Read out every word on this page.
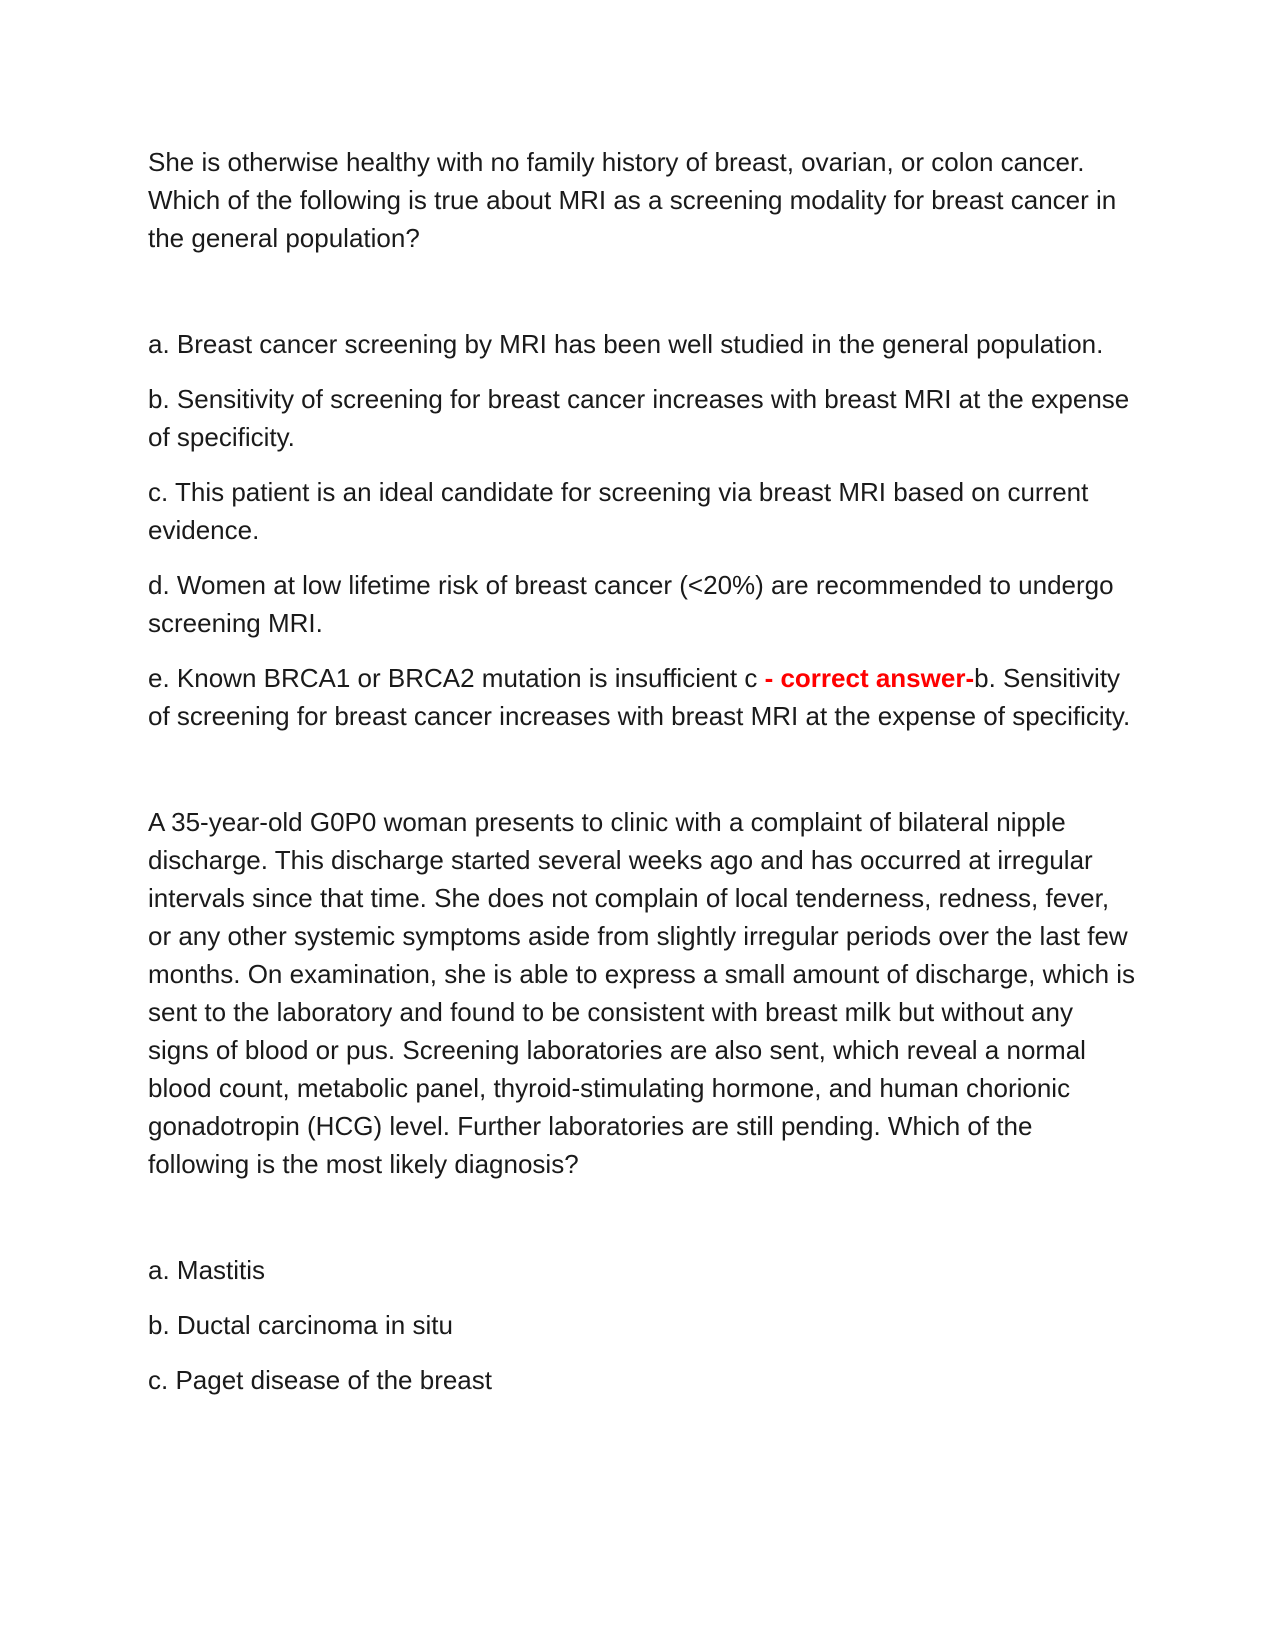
She is otherwise healthy with no family history of breast, ovarian, or colon cancer. Which of the following is true about MRI as a screening modality for breast cancer in the general population?

a. Breast cancer screening by MRI has been well studied in the general population.

b. Sensitivity of screening for breast cancer increases with breast MRI at the expense of specificity.

c. This patient is an ideal candidate for screening via breast MRI based on current evidence.

d. Women at low lifetime risk of breast cancer (<20%) are recommended to undergo screening MRI.

e. Known BRCA1 or BRCA2 mutation is insufficient c - correct answer-b. Sensitivity of screening for breast cancer increases with breast MRI at the expense of specificity.

A 35-year-old G0P0 woman presents to clinic with a complaint of bilateral nipple discharge. This discharge started several weeks ago and has occurred at irregular intervals since that time. She does not complain of local tenderness, redness, fever, or any other systemic symptoms aside from slightly irregular periods over the last few months. On examination, she is able to express a small amount of discharge, which is sent to the laboratory and found to be consistent with breast milk but without any signs of blood or pus. Screening laboratories are also sent, which reveal a normal blood count, metabolic panel, thyroid-stimulating hormone, and human chorionic gonadotropin (HCG) level. Further laboratories are still pending. Which of the following is the most likely diagnosis?

a. Mastitis

b. Ductal carcinoma in situ

c. Paget disease of the breast
